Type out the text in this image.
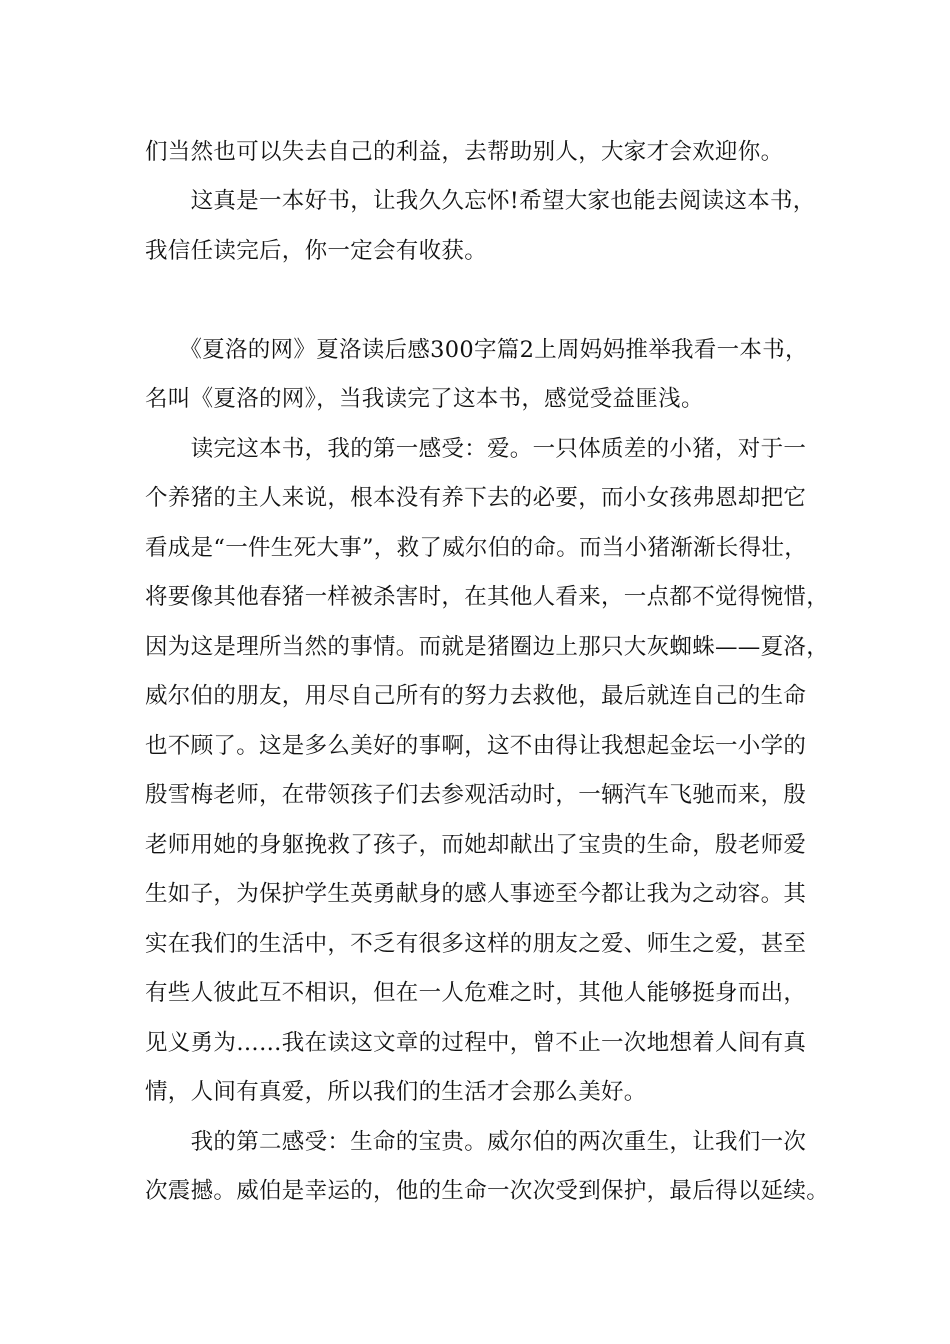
们当然也可以失去自己的利益，去帮助别人，大家才会欢迎你。
　　这真是一本好书，让我久久忘怀!希望大家也能去阅读这本书，
我信任读完后，你一定会有收获。
　　《夏洛的网》夏洛读后感300字篇2上周妈妈推举我看一本书，
名叫《夏洛的网》，当我读完了这本书，感觉受益匪浅。
　　读完这本书，我的第一感受：爱。一只体质差的小猪，对于一
个养猪的主人来说，根本没有养下去的必要，而小女孩弗恩却把它
看成是“一件生死大事”，救了威尔伯的命。而当小猪渐渐长得壮，
将要像其他春猪一样被杀害时，在其他人看来，一点都不觉得惋惜，
因为这是理所当然的事情。而就是猪圈边上那只大灰蜘蛛——夏洛，
威尔伯的朋友，用尽自己所有的努力去救他，最后就连自己的生命
也不顾了。这是多么美好的事啊，这不由得让我想起金坛一小学的
殷雪梅老师，在带领孩子们去参观活动时，一辆汽车飞驰而来，殷
老师用她的身躯挽救了孩子，而她却献出了宝贵的生命，殷老师爱
生如子，为保护学生英勇献身的感人事迹至今都让我为之动容。其
实在我们的生活中，不乏有很多这样的朋友之爱、师生之爱，甚至
有些人彼此互不相识，但在一人危难之时，其他人能够挺身而出，
见义勇为……我在读这文章的过程中，曾不止一次地想着人间有真
情，人间有真爱，所以我们的生活才会那么美好。
　　我的第二感受：生命的宝贵。威尔伯的两次重生，让我们一次
次震撼。威伯是幸运的，他的生命一次次受到保护，最后得以延续。
